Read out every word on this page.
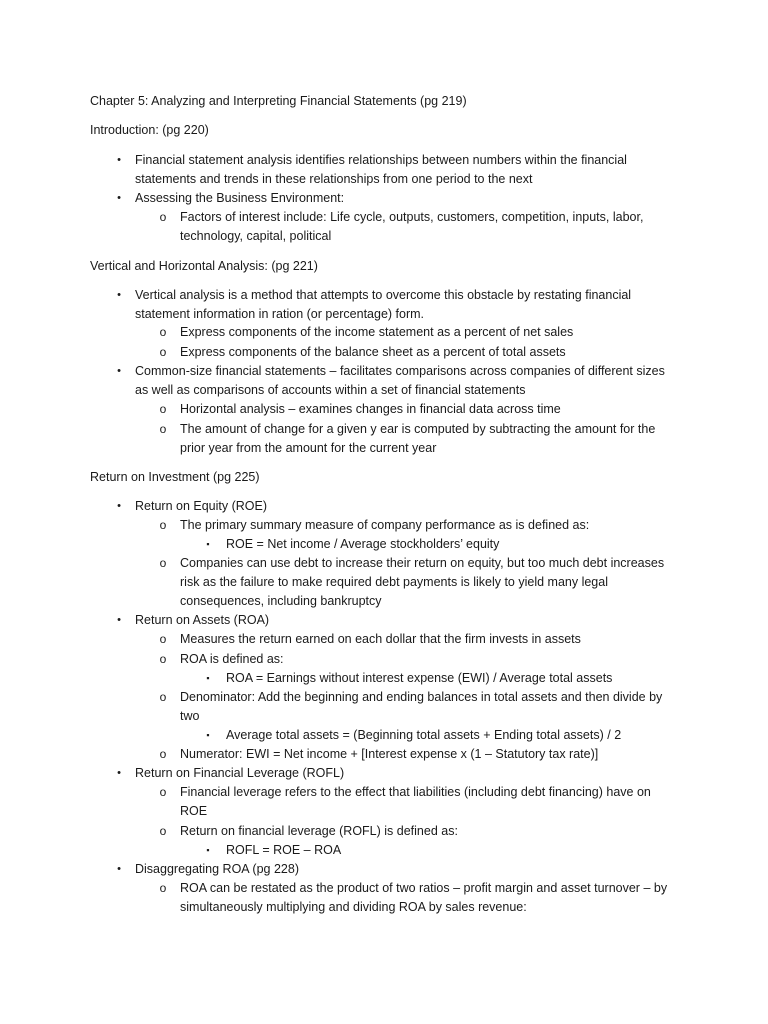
Chapter 5: Analyzing and Interpreting Financial Statements (pg 219)
Introduction: (pg 220)
•	Financial statement analysis identifies relationships between numbers within the financial
statements and trends in these relationships from one period to the next
•	Assessing the Business Environment:
o Factors of interest include: Life cycle, outputs, customers, competition, inputs, labor,
technology, capital, political
Vertical and Horizontal Analysis: (pg 221)
•	Vertical analysis is a method that attempts to overcome this obstacle by restating financial
statement information in ration (or percentage) form.
o Express components of the income statement as a percent of net sales
o Express components of the balance sheet as a percent of total assets
•	Common-size financial statements – facilitates comparisons across companies of different sizes
as well as comparisons of accounts within a set of financial statements
o Horizontal analysis – examines changes in financial data across time
o The amount of change for a given y ear is computed by subtracting the amount for the
prior year from the amount for the current year
Return on Investment (pg 225)
•	Return on Equity (ROE)
o The primary summary measure of company performance as is defined as:
▪	ROE = Net income / Average stockholders’ equity
o Companies can use debt to increase their return on equity, but too much debt increases
risk as the failure to make required debt payments is likely to yield many legal
consequences, including bankruptcy
•	Return on Assets (ROA)
o Measures the return earned on each dollar that the firm invests in assets
o ROA is defined as:
▪	ROA = Earnings without interest expense (EWI) / Average total assets
o Denominator: Add the beginning and ending balances in total assets and then divide by
two
▪	Average total assets = (Beginning total assets + Ending total assets) / 2
o Numerator: EWI = Net income + [Interest expense x (1 – Statutory tax rate)]
•	Return on Financial Leverage (ROFL)
o Financial leverage refers to the effect that liabilities (including debt financing) have on
ROE
o Return on financial leverage (ROFL) is defined as:
▪	ROFL = ROE – ROA
•	Disaggregating ROA (pg 228)
o ROA can be restated as the product of two ratios – profit margin and asset turnover – by
simultaneously multiplying and dividing ROA by sales revenue:
